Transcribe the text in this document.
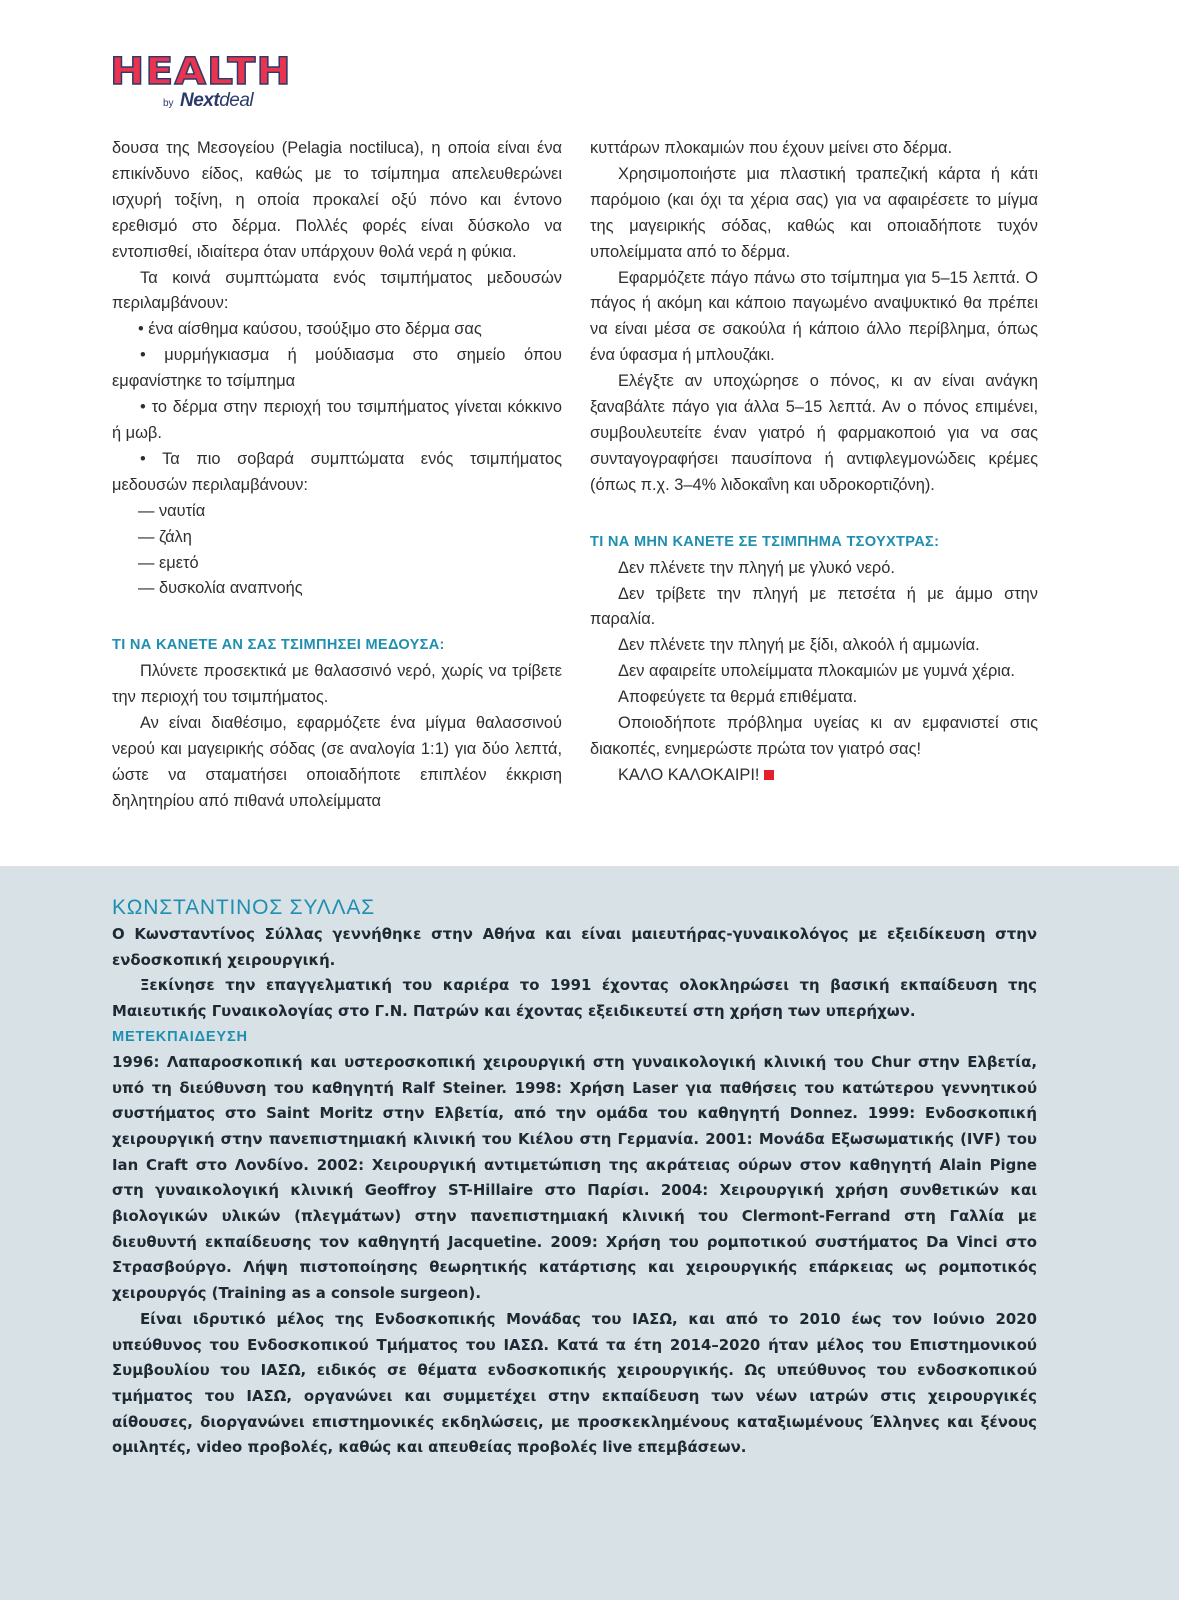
HEALTH
by Nextdeal

δουσα της Μεσογείου (Pelagia noctiluca), η οποία είναι ένα επικίνδυνο είδος, καθώς με το τσίμπημα απελευθερώνει ισχυρή τοξίνη, η οποία προκαλεί οξύ πόνο και έντονο ερεθισμό στο δέρμα. Πολλές φορές είναι δύσκολο να εντοπισθεί, ιδιαίτερα όταν υπάρχουν θολά νερά η φύκια.

Τα κοινά συμπτώματα ενός τσιμπήματος μεδουσών περιλαμβάνουν:

• ένα αίσθημα καύσου, τσούξιμο στο δέρμα σας

• μυρμήγκιασμα ή μούδιασμα στο σημείο όπου εμφανίστηκε το τσίμπημα

• το δέρμα στην περιοχή του τσιμπήματος γίνεται κόκκινο ή μωβ.

• Τα πιο σοβαρά συμπτώματα ενός τσιμπήματος μεδουσών περιλαμβάνουν:

— ναυτία

— ζάλη

— εμετό

— δυσκολία αναπνοής

ΤΙ ΝΑ ΚΑΝΕΤΕ ΑΝ ΣΑΣ ΤΣΙΜΠΗΣΕΙ ΜΕΔΟΥΣΑ:

Πλύνετε προσεκτικά με θαλασσινό νερό, χωρίς να τρίβετε την περιοχή του τσιμπήματος.

Αν είναι διαθέσιμο, εφαρμόζετε ένα μίγμα θαλασσινού νερού και μαγειρικής σόδας (σε αναλογία 1:1) για δύο λεπτά, ώστε να σταματήσει οποιαδήποτε επιπλέον έκκριση δηλητηρίου από πιθανά υπολείμματα

κυττάρων πλοκαμιών που έχουν μείνει στο δέρμα.

Χρησιμοποιήστε μια πλαστική τραπεζική κάρτα ή κάτι παρόμοιο (και όχι τα χέρια σας) για να αφαιρέσετε το μίγμα της μαγειρικής σόδας, καθώς και οποιαδήποτε τυχόν υπολείμματα από το δέρμα.

Εφαρμόζετε πάγο πάνω στο τσίμπημα για 5–15 λεπτά. Ο πάγος ή ακόμη και κάποιο παγωμένο αναψυκτικό θα πρέπει να είναι μέσα σε σακούλα ή κάποιο άλλο περίβλημα, όπως ένα ύφασμα ή μπλουζάκι.

Ελέγξτε αν υποχώρησε ο πόνος, κι αν είναι ανάγκη ξαναβάλτε πάγο για άλλα 5–15 λεπτά. Αν ο πόνος επιμένει, συμβουλευτείτε έναν γιατρό ή φαρμακοποιό για να σας συνταγογραφήσει παυσίπονα ή αντιφλεγμονώδεις κρέμες (όπως π.χ. 3–4% λιδοκαΐνη και υδροκορτιζόνη).

ΤΙ ΝΑ ΜΗΝ ΚΑΝΕΤΕ ΣΕ ΤΣΙΜΠΗΜΑ ΤΣΟΥΧΤΡΑΣ:

Δεν πλένετε την πληγή με γλυκό νερό.

Δεν τρίβετε την πληγή με πετσέτα ή με άμμο στην παραλία.

Δεν πλένετε την πληγή με ξίδι, αλκοόλ ή αμμωνία.

Δεν αφαιρείτε υπολείμματα πλοκαμιών με γυμνά χέρια.

Αποφεύγετε τα θερμά επιθέματα.

Οποιοδήποτε πρόβλημα υγείας κι αν εμφανιστεί στις διακοπές, ενημερώστε πρώτα τον γιατρό σας!

ΚΑΛΟ ΚΑΛΟΚΑΙΡΙ!

ΚΩΝΣΤΑΝΤΙΝΟΣ ΣΥΛΛΑΣ

Ο Κωνσταντίνος Σύλλας γεννήθηκε στην Αθήνα και είναι μαιευτήρας-γυναικολόγος με εξειδίκευση στην ενδοσκοπική χειρουργική.

Ξεκίνησε την επαγγελματική του καριέρα το 1991 έχοντας ολοκληρώσει τη βασική εκπαίδευση της Μαιευτικής Γυναικολογίας στο Γ.Ν. Πατρών και έχοντας εξειδικευτεί στη χρήση των υπερήχων.

ΜΕΤΕΚΠΑΙΔΕΥΣΗ

1996: Λαπαροσκοπική και υστεροσκοπική χειρουργική στη γυναικολογική κλινική του Chur στην Ελβετία, υπό τη διεύθυνση του καθηγητή Ralf Steiner. 1998: Χρήση Laser για παθήσεις του κατώτερου γεννητικού συστήματος στο Saint Moritz στην Ελβετία, από την ομάδα του καθηγητή Donnez. 1999: Ενδοσκοπική χειρουργική στην πανεπιστημιακή κλινική του Κιέλου στη Γερμανία. 2001: Μονάδα Εξωσωματικής (IVF) του Ian Craft στο Λονδίνο. 2002: Χειρουργική αντιμετώπιση της ακράτειας ούρων στον καθηγητή Alain Pigne στη γυναικολογική κλινική Geoffroy ST-Hillaire στο Παρίσι. 2004: Χειρουργική χρήση συνθετικών και βιολογικών υλικών (πλεγμάτων) στην πανεπιστημιακή κλινική του Clermont-Ferrand στη Γαλλία με διευθυντή εκπαίδευσης τον καθηγητή Jacquetine. 2009: Χρήση του ρομποτικού συστήματος Da Vinci στο Στρασβούργο. Λήψη πιστοποίησης θεωρητικής κατάρτισης και χειρουργικής επάρκειας ως ρομποτικός χειρουργός (Training as a console surgeon).

Είναι ιδρυτικό μέλος της Ενδοσκοπικής Μονάδας του ΙΑΣΩ, και από το 2010 έως τον Ιούνιο 2020 υπεύθυνος του Ενδοσκοπικού Τμήματος του ΙΑΣΩ. Κατά τα έτη 2014–2020 ήταν μέλος του Επιστημονικού Συμβουλίου του ΙΑΣΩ, ειδικός σε θέματα ενδοσκοπικής χειρουργικής. Ως υπεύθυνος του ενδοσκοπικού τμήματος του ΙΑΣΩ, οργανώνει και συμμετέχει στην εκπαίδευση των νέων ιατρών στις χειρουργικές αίθουσες, διοργανώνει επιστημονικές εκδηλώσεις, με προσκεκλημένους καταξιωμένους Έλληνες και ξένους ομιλητές, video προβολές, καθώς και απευθείας προβολές live επεμβάσεων.
